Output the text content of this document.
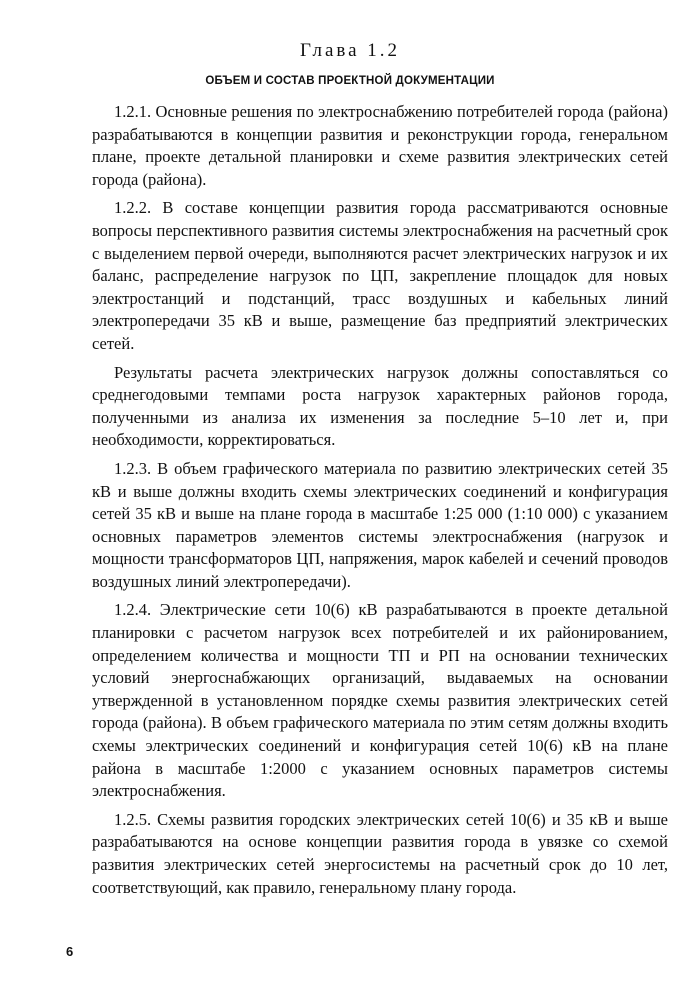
Глава 1.2
ОБЪЕМ И СОСТАВ ПРОЕКТНОЙ ДОКУМЕНТАЦИИ

1.2.1. Основные решения по электроснабжению потребителей города (района) разрабатываются в концепции развития и реконструкции города, генеральном плане, проекте детальной планировки и схеме развития электрических сетей города (района).

1.2.2. В составе концепции развития города рассматриваются основные вопросы перспективного развития системы электроснабжения на расчетный срок с выделением первой очереди, выполняются расчет электрических нагрузок и их баланс, распределение нагрузок по ЦП, закрепление площадок для новых электростанций и подстанций, трасс воздушных и кабельных линий электропередачи 35 кВ и выше, размещение баз предприятий электрических сетей.

Результаты расчета электрических нагрузок должны сопоставляться со среднегодовыми темпами роста нагрузок характерных районов города, полученными из анализа их изменения за последние 5–10 лет и, при необходимости, корректироваться.

1.2.3. В объем графического материала по развитию электрических сетей 35 кВ и выше должны входить схемы электрических соединений и конфигурация сетей 35 кВ и выше на плане города в масштабе 1:25 000 (1:10 000) с указанием основных параметров элементов системы электроснабжения (нагрузок и мощности трансформаторов ЦП, напряжения, марок кабелей и сечений проводов воздушных линий электропередачи).

1.2.4. Электрические сети 10(6) кВ разрабатываются в проекте детальной планировки с расчетом нагрузок всех потребителей и их районированием, определением количества и мощности ТП и РП на основании технических условий энергоснабжающих организаций, выдаваемых на основании утвержденной в установленном порядке схемы развития электрических сетей города (района). В объем графического материала по этим сетям должны входить схемы электрических соединений и конфигурация сетей 10(6) кВ на плане района в масштабе 1:2000 с указанием основных параметров системы электроснабжения.

1.2.5. Схемы развития городских электрических сетей 10(6) и 35 кВ и выше разрабатываются на основе концепции развития города в увязке со схемой развития электрических сетей энергосистемы на расчетный срок до 10 лет, соответствующий, как правило, генеральному плану города.

6
